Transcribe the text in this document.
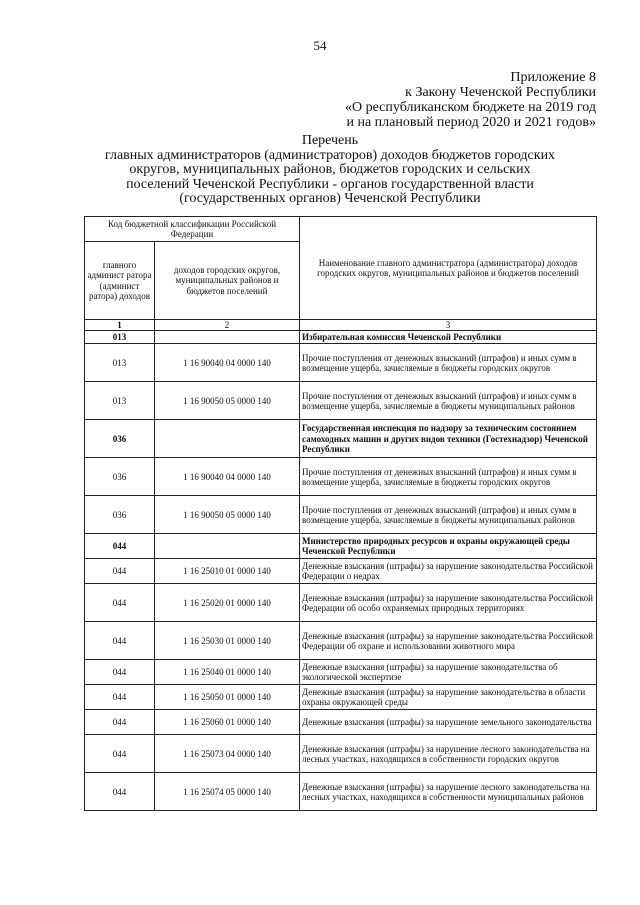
54
Приложение 8
к Закону Чеченской Республики
«О республиканском бюджете на 2019 год
и на плановый период 2020 и 2021 годов»
Перечень
главных администраторов (администраторов) доходов бюджетов городских
округов, муниципальных районов, бюджетов городских и сельских
поселений Чеченской Республики - органов государственной власти
(государственных органов) Чеченской Республики
Код бюджетной классификации Российской Федерации		Наименование главного администратора (администратора) доходов городских округов, муниципальных районов и бюджетов поселений
главного админист ратора (админист ратора) доходов	доходов городских округов, муниципальных районов и бюджетов поселений	
1	2	3
013		Избирательная комиссия Чеченской Республики
013	1 16 90040 04 0000 140	Прочие поступления от денежных взысканий (штрафов) и иных сумм в возмещение ущерба, зачисляемые в бюджеты городских округов
013	1 16 90050 05 0000 140	Прочие поступления от денежных взысканий (штрафов) и иных сумм в возмещение ущерба, зачисляемые в бюджеты муниципальных районов
036		Государственная инспекция по надзору за техническим состоянием самоходных машин и других видов техники (Гостехнадзор) Чеченской Республики
036	1 16 90040 04 0000 140	Прочие поступления от денежных взысканий (штрафов) и иных сумм в возмещение ущерба, зачисляемые в бюджеты городских округов
036	1 16 90050 05 0000 140	Прочие поступления от денежных взысканий (штрафов) и иных сумм в возмещение ущерба, зачисляемые в бюджеты муниципальных районов
044		Министерство природных ресурсов и охраны окружающей среды Чеченской Республики
044	1 16 25010 01 0000 140	Денежные взыскания (штрафы) за нарушение законодательства Российской Федерации о недрах
044	1 16 25020 01 0000 140	Денежные взыскания (штрафы) за нарушение законодательства Российской Федерации об особо охраняемых природных территориях
044	1 16 25030 01 0000 140	Денежные взыскания (штрафы) за нарушение законодательства Российской Федерации об охране и использовании животного мира
044	1 16 25040 01 0000 140	Денежные взыскания (штрафы) за нарушение законодательства об экологической экспертизе
044	1 16 25050 01 0000 140	Денежные взыскания (штрафы) за нарушение законодательства в области охраны окружающей среды
044	1 16 25060 01 0000 140	Денежные взыскания (штрафы) за нарушение земельного законодательства
044	1 16 25073 04 0000 140	Денежные взыскания (штрафы) за нарушение лесного законодательства на лесных участках, находящихся в собственности городских округов
044	1 16 25074 05 0000 140	Денежные взыскания (штрафы) за нарушение лесного законодательства на лесных участках, находящихся в собственности муниципальных районов
